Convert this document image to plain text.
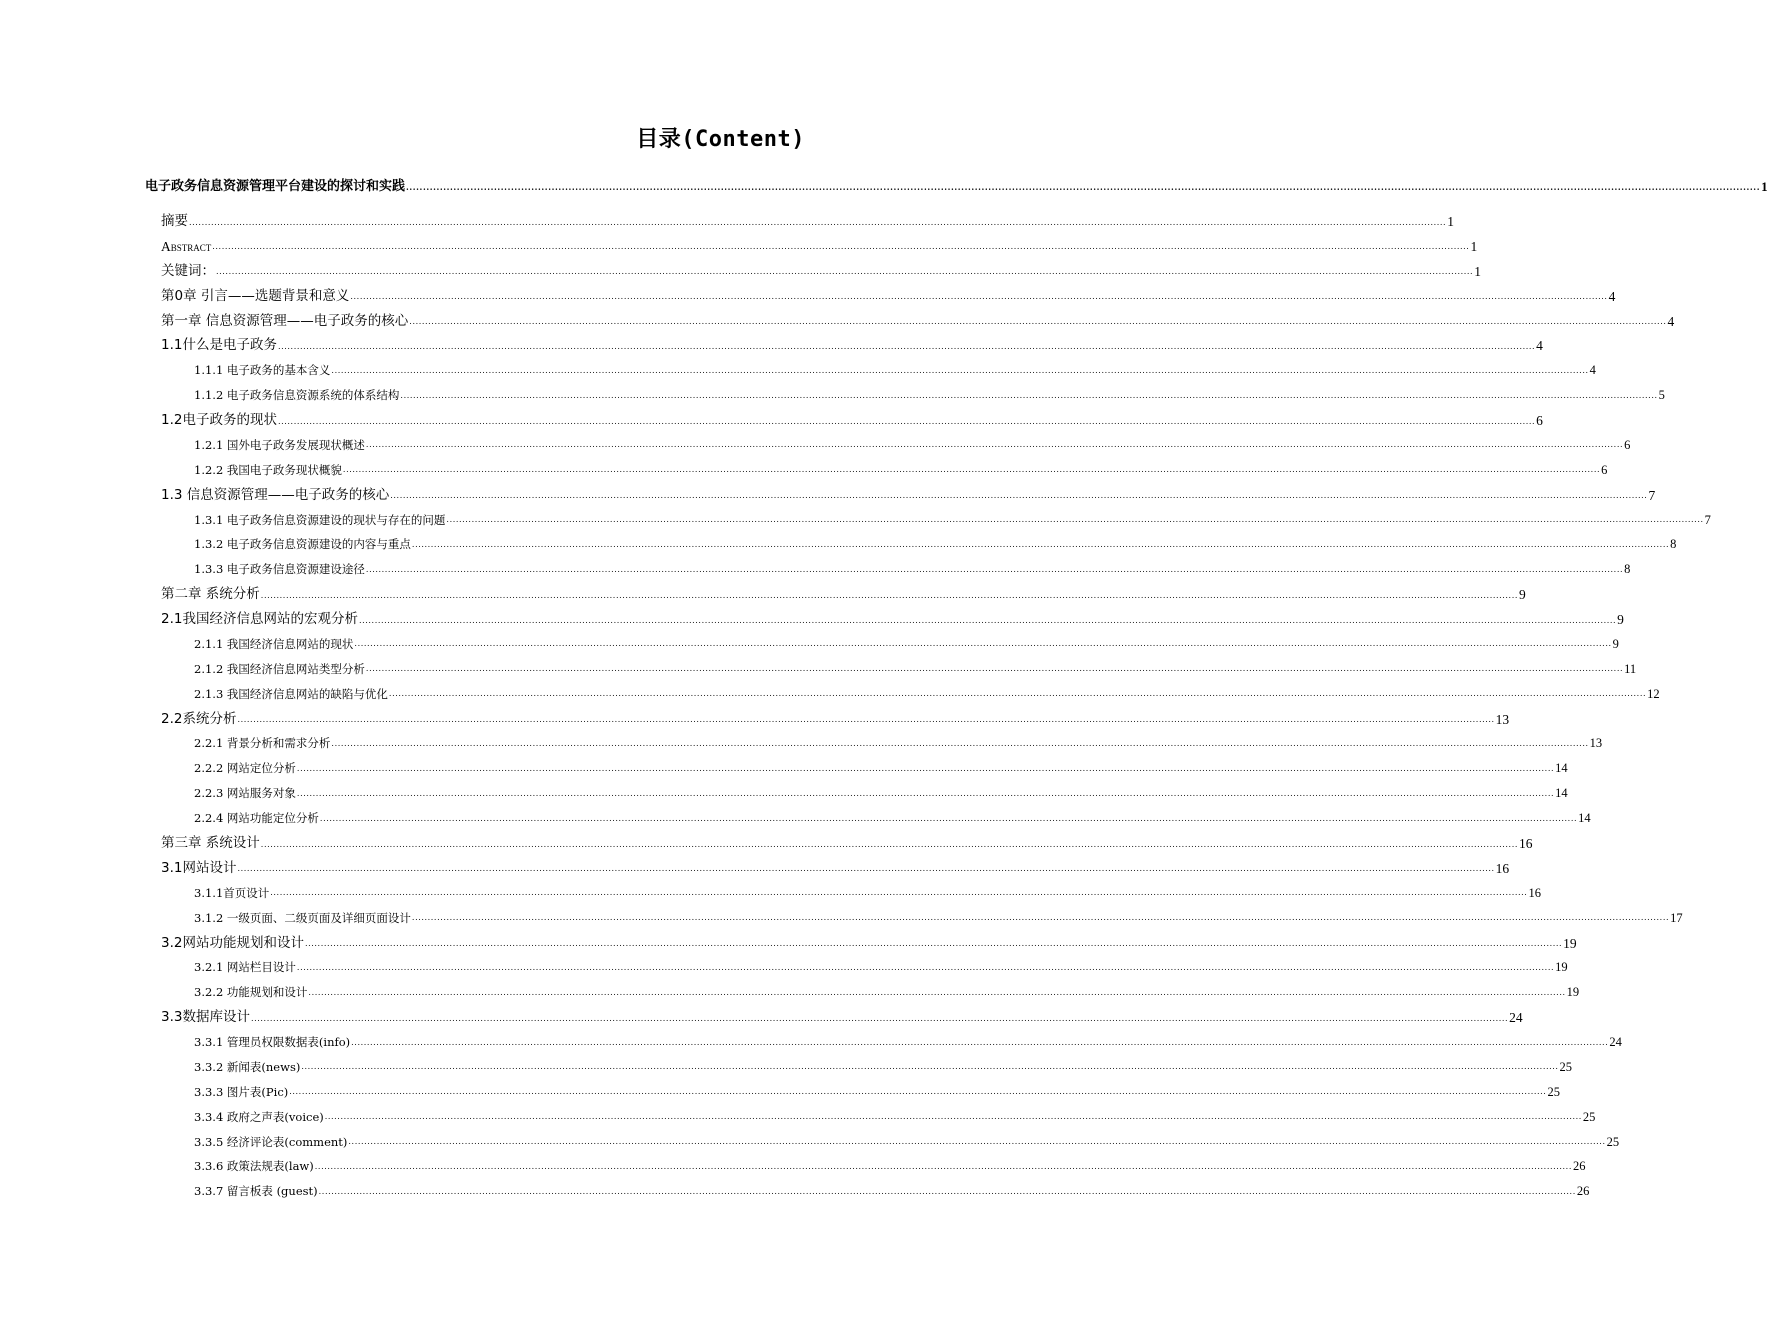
目录(Content)
电子政务信息资源管理平台建设的探讨和实践 ................................................................................................................................................................................................................................................................................................................................................................................................................ 1
摘要 ................................................................................................................................................................................................................................................................................................................................................................................................................ 1
Abstract ................................................................................................................................................................................................................................................................................................................................................................................................................ 1
关键词： ................................................................................................................................................................................................................................................................................................................................................................................................................ 1
第0章 引言——选题背景和意义 ................................................................................................................................................................................................................................................................................................................................................................................................................ 4
第一章 信息资源管理——电子政务的核心 ................................................................................................................................................................................................................................................................................................................................................................................................................ 4
1.1什么是电子政务 ................................................................................................................................................................................................................................................................................................................................................................................................................ 4
1.1.1 电子政务的基本含义 ................................................................................................................................................................................................................................................................................................................................................................................................................ 4
1.1.2 电子政务信息资源系统的体系结构 ................................................................................................................................................................................................................................................................................................................................................................................................................ 5
1.2电子政务的现状 ................................................................................................................................................................................................................................................................................................................................................................................................................ 6
1.2.1 国外电子政务发展现状概述 ................................................................................................................................................................................................................................................................................................................................................................................................................ 6
1.2.2 我国电子政务现状概貌 ................................................................................................................................................................................................................................................................................................................................................................................................................ 6
1.3 信息资源管理——电子政务的核心 ................................................................................................................................................................................................................................................................................................................................................................................................................ 7
1.3.1 电子政务信息资源建设的现状与存在的问题 ................................................................................................................................................................................................................................................................................................................................................................................................................ 7
1.3.2 电子政务信息资源建设的内容与重点 ................................................................................................................................................................................................................................................................................................................................................................................................................ 8
1.3.3 电子政务信息资源建设途径 ................................................................................................................................................................................................................................................................................................................................................................................................................ 8
第二章 系统分析 ................................................................................................................................................................................................................................................................................................................................................................................................................ 9
2.1我国经济信息网站的宏观分析 ................................................................................................................................................................................................................................................................................................................................................................................................................ 9
2.1.1 我国经济信息网站的现状 ................................................................................................................................................................................................................................................................................................................................................................................................................ 9
2.1.2 我国经济信息网站类型分析 ................................................................................................................................................................................................................................................................................................................................................................................................................ 11
2.1.3 我国经济信息网站的缺陷与优化 ................................................................................................................................................................................................................................................................................................................................................................................................................ 12
2.2系统分析 ................................................................................................................................................................................................................................................................................................................................................................................................................ 13
2.2.1 背景分析和需求分析 ................................................................................................................................................................................................................................................................................................................................................................................................................ 13
2.2.2 网站定位分析 ................................................................................................................................................................................................................................................................................................................................................................................................................ 14
2.2.3 网站服务对象 ................................................................................................................................................................................................................................................................................................................................................................................................................ 14
2.2.4 网站功能定位分析 ................................................................................................................................................................................................................................................................................................................................................................................................................ 14
第三章 系统设计 ................................................................................................................................................................................................................................................................................................................................................................................................................ 16
3.1网站设计 ................................................................................................................................................................................................................................................................................................................................................................................................................ 16
3.1.1首页设计 ................................................................................................................................................................................................................................................................................................................................................................................................................ 16
3.1.2 一级页面、二级页面及详细页面设计 ................................................................................................................................................................................................................................................................................................................................................................................................................ 17
3.2网站功能规划和设计 ................................................................................................................................................................................................................................................................................................................................................................................................................ 19
3.2.1 网站栏目设计 ................................................................................................................................................................................................................................................................................................................................................................................................................ 19
3.2.2 功能规划和设计 ................................................................................................................................................................................................................................................................................................................................................................................................................ 19
3.3数据库设计 ................................................................................................................................................................................................................................................................................................................................................................................................................ 24
3.3.1 管理员权限数据表(info) ................................................................................................................................................................................................................................................................................................................................................................................................................ 24
3.3.2 新闻表(news) ................................................................................................................................................................................................................................................................................................................................................................................................................ 25
3.3.3 图片表(Pic) ................................................................................................................................................................................................................................................................................................................................................................................................................ 25
3.3.4 政府之声表(voice) ................................................................................................................................................................................................................................................................................................................................................................................................................ 25
3.3.5 经济评论表(comment) ................................................................................................................................................................................................................................................................................................................................................................................................................ 25
3.3.6 政策法规表(law) ................................................................................................................................................................................................................................................................................................................................................................................................................ 26
3.3.7 留言板表 (guest) ................................................................................................................................................................................................................................................................................................................................................................................................................ 26
